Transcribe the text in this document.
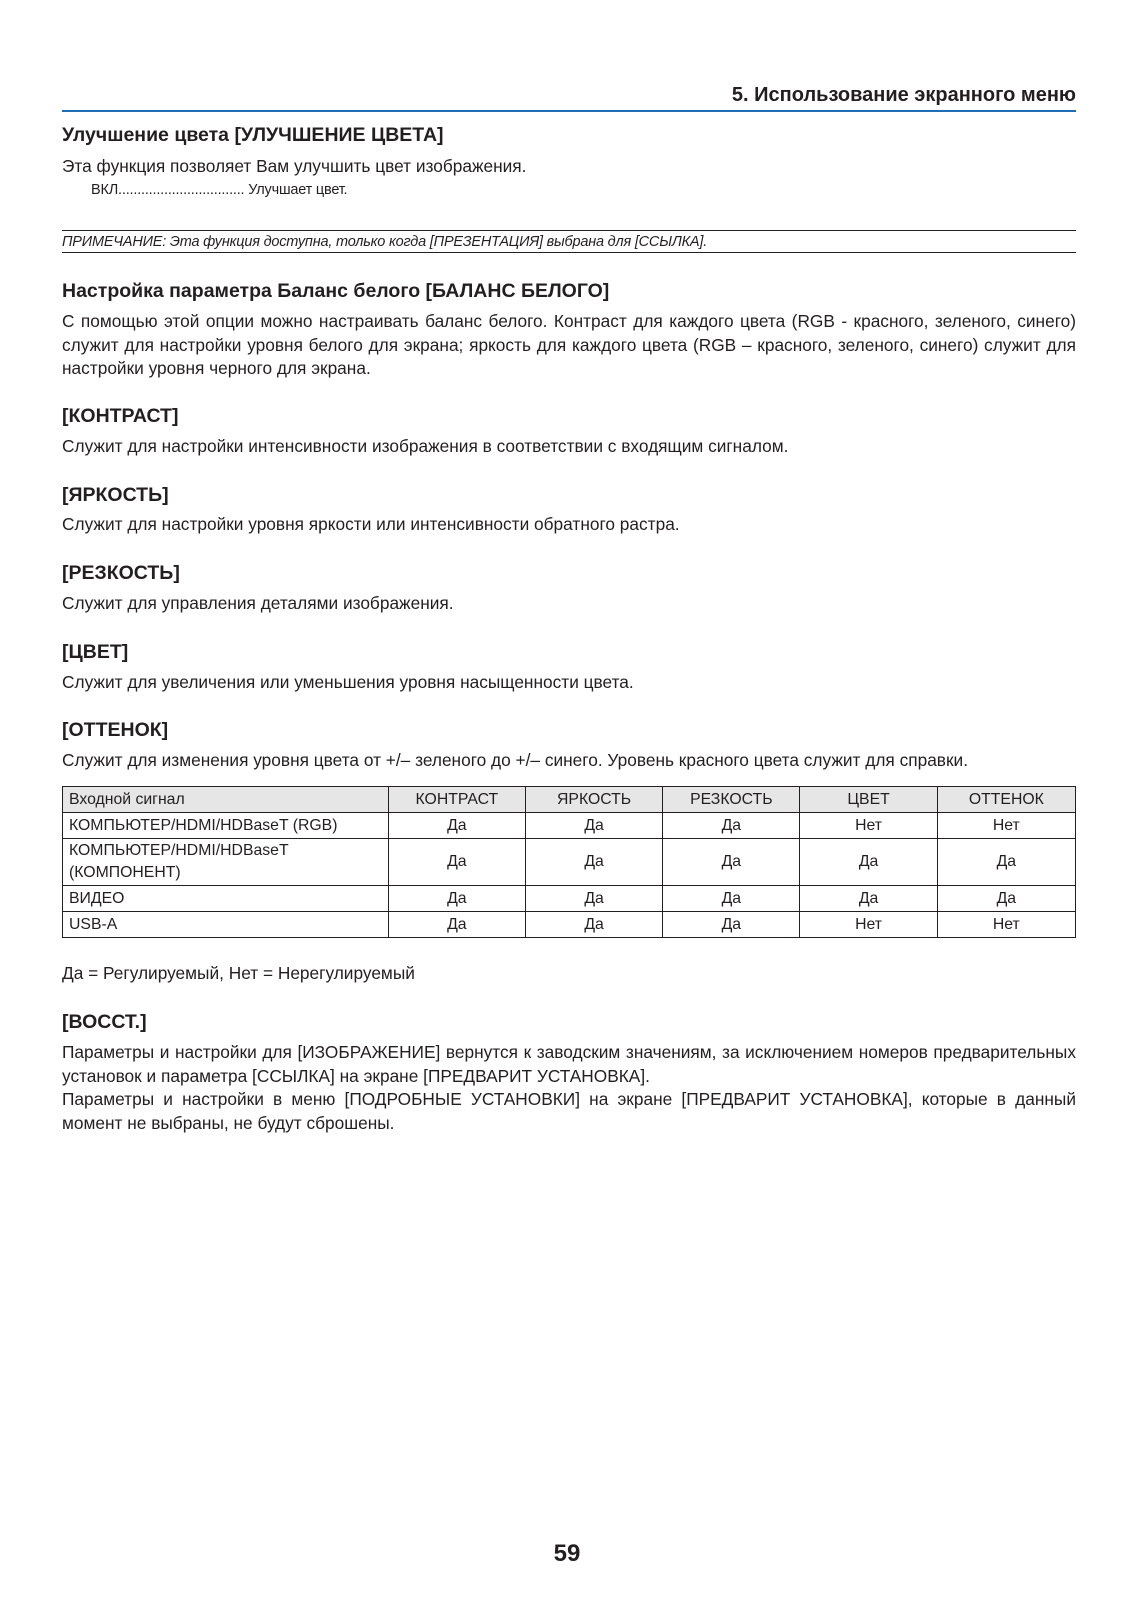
5. Использование экранного меню
Улучшение цвета [УЛУЧШЕНИЕ ЦВЕТА]

Эта функция позволяет Вам улучшить цвет изображения.

ВКЛ................................. Улучшает цвет.
ПРИМЕЧАНИЕ: Эта функция доступна, только когда [ПРЕЗЕНТАЦИЯ] выбрана для [ССЫЛКА].
Настройка параметра Баланс белого [БАЛАНС БЕЛОГО]

С помощью этой опции можно настраивать баланс белого. Контраст для каждого цвета (RGB - красного, зеленого, синего) служит для настройки уровня белого для экрана; яркость для каждого цвета (RGB – красного, зеленого, синего) служит для настройки уровня черного для экрана.

[КОНТРАСТ]

Служит для настройки интенсивности изображения в соответствии с входящим сигналом.

[ЯРКОСТЬ]

Служит для настройки уровня яркости или интенсивности обратного растра.

[РЕЗКОСТЬ]

Служит для управления деталями изображения.

[ЦВЕТ]

Служит для увеличения или уменьшения уровня насыщенности цвета.

[ОТТЕНОК]

Служит для изменения уровня цвета от +/– зеленого до +/– синего. Уровень красного цвета служит для справки.

Входной сигнал	КОНТРАСТ	ЯРКОСТЬ	РЕЗКОСТЬ	ЦВЕТ	ОТТЕНОК
КОМПЬЮТЕР/HDMI/HDBaseT (RGB)	Да	Да	Да	Нет	Нет
КОМПЬЮТЕР/HDMI/HDBaseT (КОМПОНЕНТ)	Да	Да	Да	Да	Да
ВИДЕО	Да	Да	Да	Да	Да
USB-A	Да	Да	Да	Нет	Нет

Да = Регулируемый, Нет = Нерегулируемый

[ВОССТ.]

Параметры и настройки для [ИЗОБРАЖЕНИЕ] вернутся к заводским значениям, за исключением номеров предварительных установок и параметра [ССЫЛКА] на экране [ПРЕДВАРИТ УСТАНОВКА].

Параметры и настройки в меню [ПОДРОБНЫЕ УСТАНОВКИ] на экране [ПРЕДВАРИТ УСТАНОВКА], которые в данный момент не выбраны, не будут сброшены.

59
